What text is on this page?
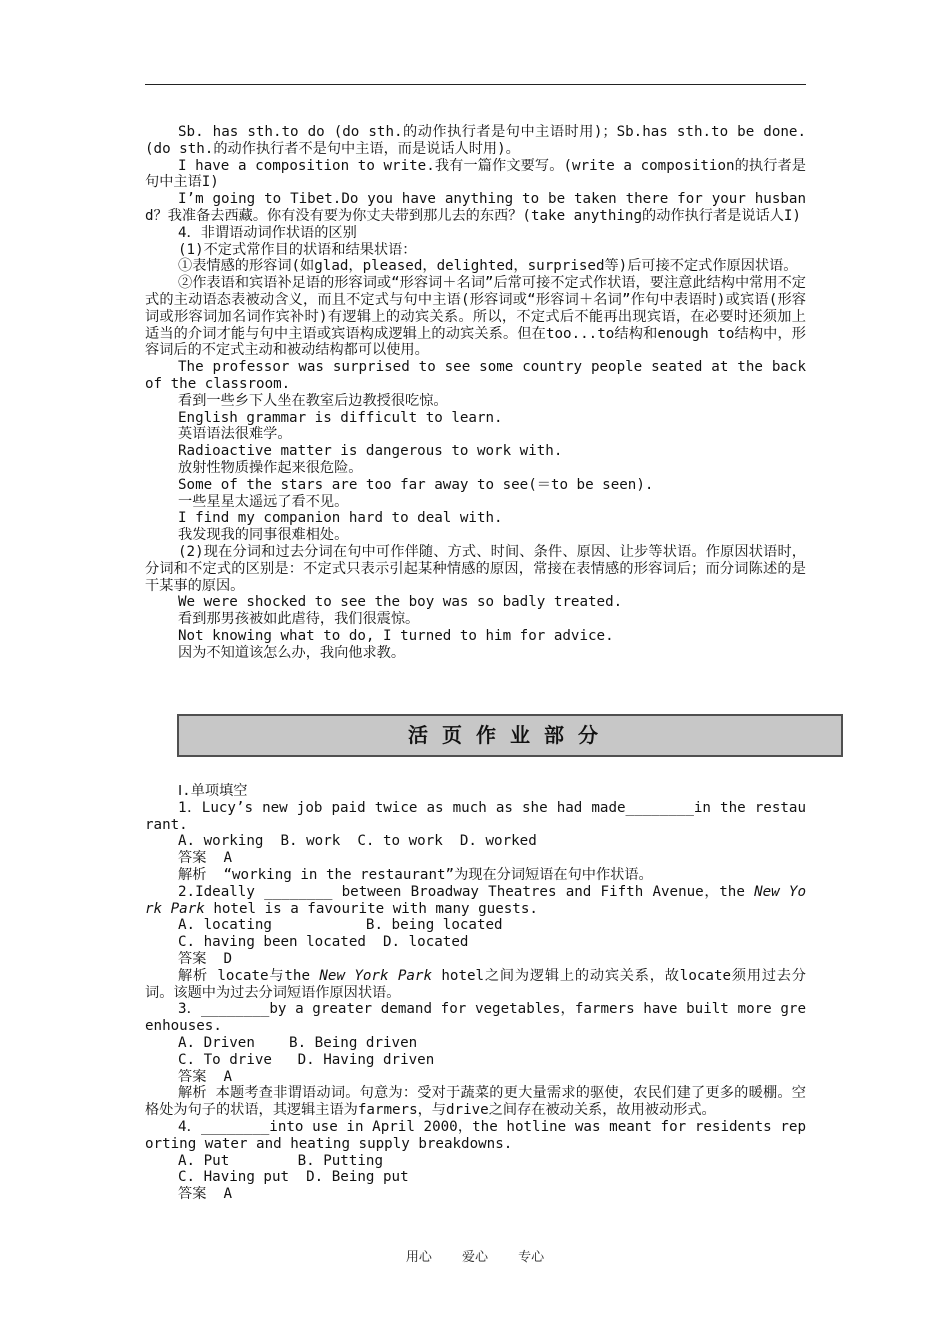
Sb. has sth.to do (do sth.的动作执行者是句中主语时用)；Sb.has sth.to be done.(do sth.的动作执行者不是句中主语，而是说话人时用)。
I have a composition to write.我有一篇作文要写。(write a composition的执行者是句中主语I)
I’m going to Tibet.Do you have anything to be taken there for your husband？我准备去西藏。你有没有要为你丈夫带到那儿去的东西？(take anything的动作执行者是说话人I)
4．非谓语动词作状语的区别
(1)不定式常作目的状语和结果状语：
①表情感的形容词(如glad，pleased，delighted，surprised等)后可接不定式作原因状语。
②作表语和宾语补足语的形容词或“形容词＋名词”后常可接不定式作状语，要注意此结构中常用不定式的主动语态表被动含义，而且不定式与句中主语(形容词或“形容词＋名词”作句中表语时)或宾语(形容词或形容词加名词作宾补时)有逻辑上的动宾关系。所以，不定式后不能再出现宾语，在必要时还须加上适当的介词才能与句中主语或宾语构成逻辑上的动宾关系。但在too...to结构和enough to结构中，形容词后的不定式主动和被动结构都可以使用。
The professor was surprised to see some country people seated at the back of the classroom.
看到一些乡下人坐在教室后边教授很吃惊。
English grammar is difficult to learn.
英语语法很难学。
Radioactive matter is dangerous to work with.
放射性物质操作起来很危险。
Some of the stars are too far away to see(＝to be seen).
一些星星太遥远了看不见。
I find my companion hard to deal with.
我发现我的同事很难相处。
(2)现在分词和过去分词在句中可作伴随、方式、时间、条件、原因、让步等状语。作原因状语时，分词和不定式的区别是：不定式只表示引起某种情感的原因，常接在表情感的形容词后；而分词陈述的是干某事的原因。
We were shocked to see the boy was so badly treated.
看到那男孩被如此虐待，我们很震惊。
Not knowing what to do, I turned to him for advice.
因为不知道该怎么办，我向他求教。
活页作业部分
Ⅰ.单项填空
1．Lucy’s new job paid twice as much as she had made________in the restaurant.
A. working  B. work  C. to work  D. worked
答案  A
解析  “working in the restaurant”为现在分词短语在句中作状语。
2.Ideally ________ between Broadway Theatres and Fifth Avenue，the New York Park hotel is a favourite with many guests.
A. locating           B. being located
C. having been located  D. located
答案  D
解析 locate与the New York Park hotel之间为逻辑上的动宾关系，故locate须用过去分词。该题中为过去分词短语作原因状语。
3．________by a greater demand for vegetables，farmers have built more greenhouses.
A. Driven    B. Being driven
C. To drive   D. Having driven
答案  A
解析 本题考查非谓语动词。句意为：受对于蔬菜的更大量需求的驱使，农民们建了更多的暖棚。空格处为句子的状语，其逻辑主语为farmers，与drive之间存在被动关系，故用被动形式。
4．________into use in April 2000，the hotline was meant for residents reporting water and heating supply breakdowns.
A. Put        B. Putting
C. Having put  D. Being put
答案  A
用心 爱心 专心
